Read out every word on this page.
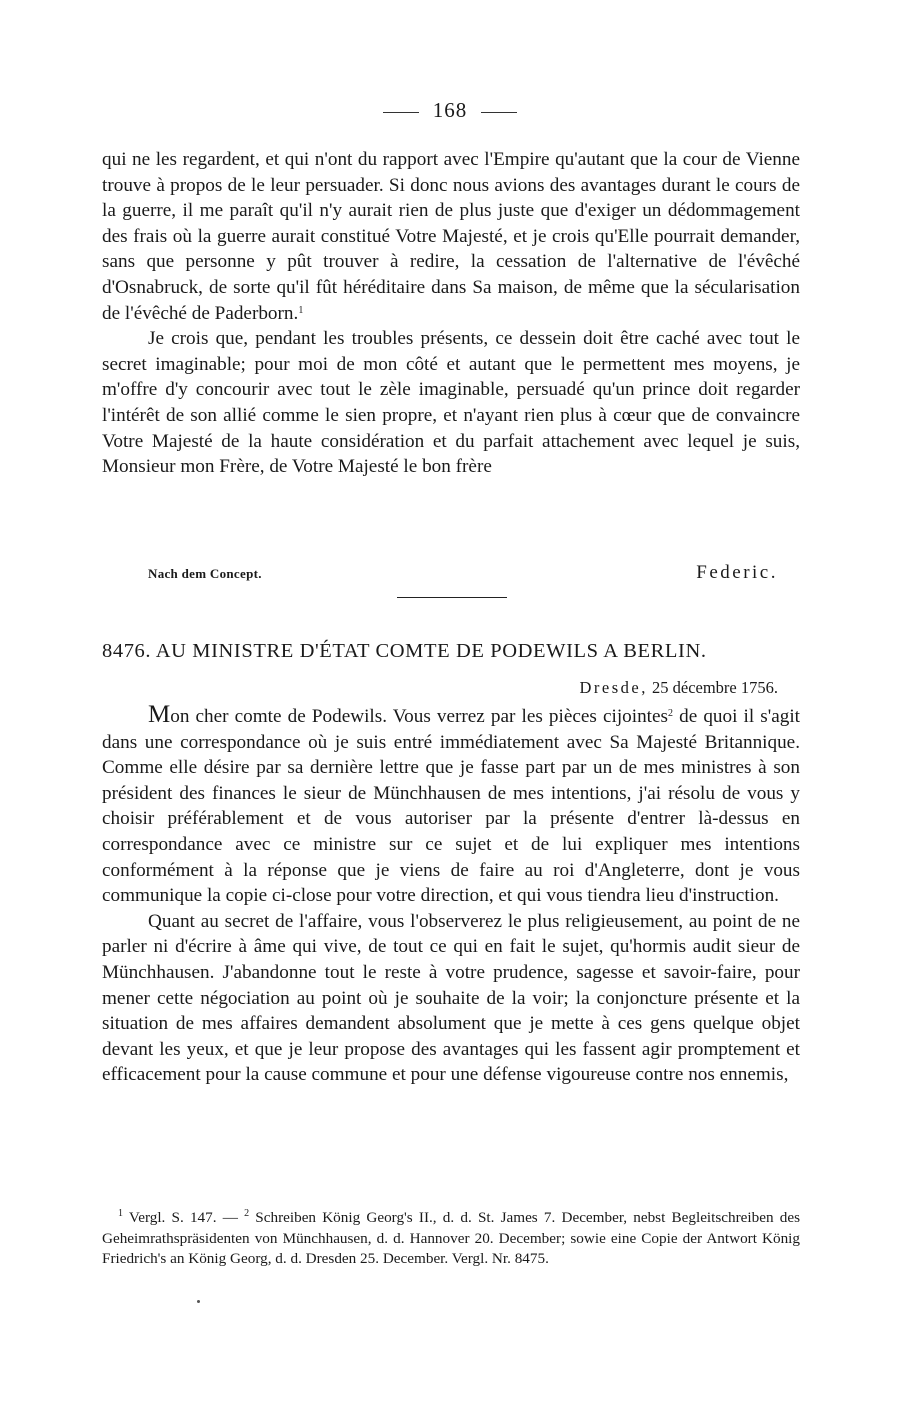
168

qui ne les regardent, et qui n'ont du rapport avec l'Empire qu'autant que la cour de Vienne trouve à propos de le leur persuader. Si donc nous avions des avantages durant le cours de la guerre, il me paraît qu'il n'y aurait rien de plus juste que d'exiger un dédommagement des frais où la guerre aurait constitué Votre Majesté, et je crois qu'Elle pourrait demander, sans que personne y pût trouver à redire, la cessation de l'alternative de l'évêché d'Osnabruck, de sorte qu'il fût héréditaire dans Sa maison, de même que la sécularisation de l'évêché de Paderborn.$^1$

Je crois que, pendant les troubles présents, ce dessein doit être caché avec tout le secret imaginable; pour moi de mon côté et autant que le permettent mes moyens, je m'offre d'y concourir avec tout le zèle imaginable, persuadé qu'un prince doit regarder l'intérêt de son allié comme le sien propre, et n'ayant rien plus à cœur que de convaincre Votre Majesté de la haute considération et du parfait attachement avec lequel je suis, Monsieur mon Frère, de Votre Majesté le bon frère

Nach dem Concept.	Federic.
8476. AU MINISTRE D'ÉTAT COMTE DE PODEWILS A BERLIN.
Dresde, 25 décembre 1756.

Mon cher comte de Podewils. Vous verrez par les pièces cijointes$^2$ de quoi il s'agit dans une correspondance où je suis entré immédiatement avec Sa Majesté Britannique. Comme elle désire par sa dernière lettre que je fasse part par un de mes ministres à son président des finances le sieur de Münchhausen de mes intentions, j'ai résolu de vous y choisir préférablement et de vous autoriser par la présente d'entrer là-dessus en correspondance avec ce ministre sur ce sujet et de lui expliquer mes intentions conformément à la réponse que je viens de faire au roi d'Angleterre, dont je vous communique la copie ci-close pour votre direction, et qui vous tiendra lieu d'instruction.

Quant au secret de l'affaire, vous l'observerez le plus religieusement, au point de ne parler ni d'écrire à âme qui vive, de tout ce qui en fait le sujet, qu'hormis audit sieur de Münchhausen. J'abandonne tout le reste à votre prudence, sagesse et savoir-faire, pour mener cette négociation au point où je souhaite de la voir; la conjoncture présente et la situation de mes affaires demandent absolument que je mette à ces gens quelque objet devant les yeux, et que je leur propose des avantages qui les fassent agir promptement et efficacement pour la cause commune et pour une défense vigoureuse contre nos ennemis,

$^1$ Vergl. S. 147. — $^2$ Schreiben König Georg's II., d. d. St. James 7. December, nebst Begleitschreiben des Geheimrathspräsidenten von Münchhausen, d. d. Hannover 20. December; sowie eine Copie der Antwort König Friedrich's an König Georg, d. d. Dresden 25. December. Vergl. Nr. 8475.
